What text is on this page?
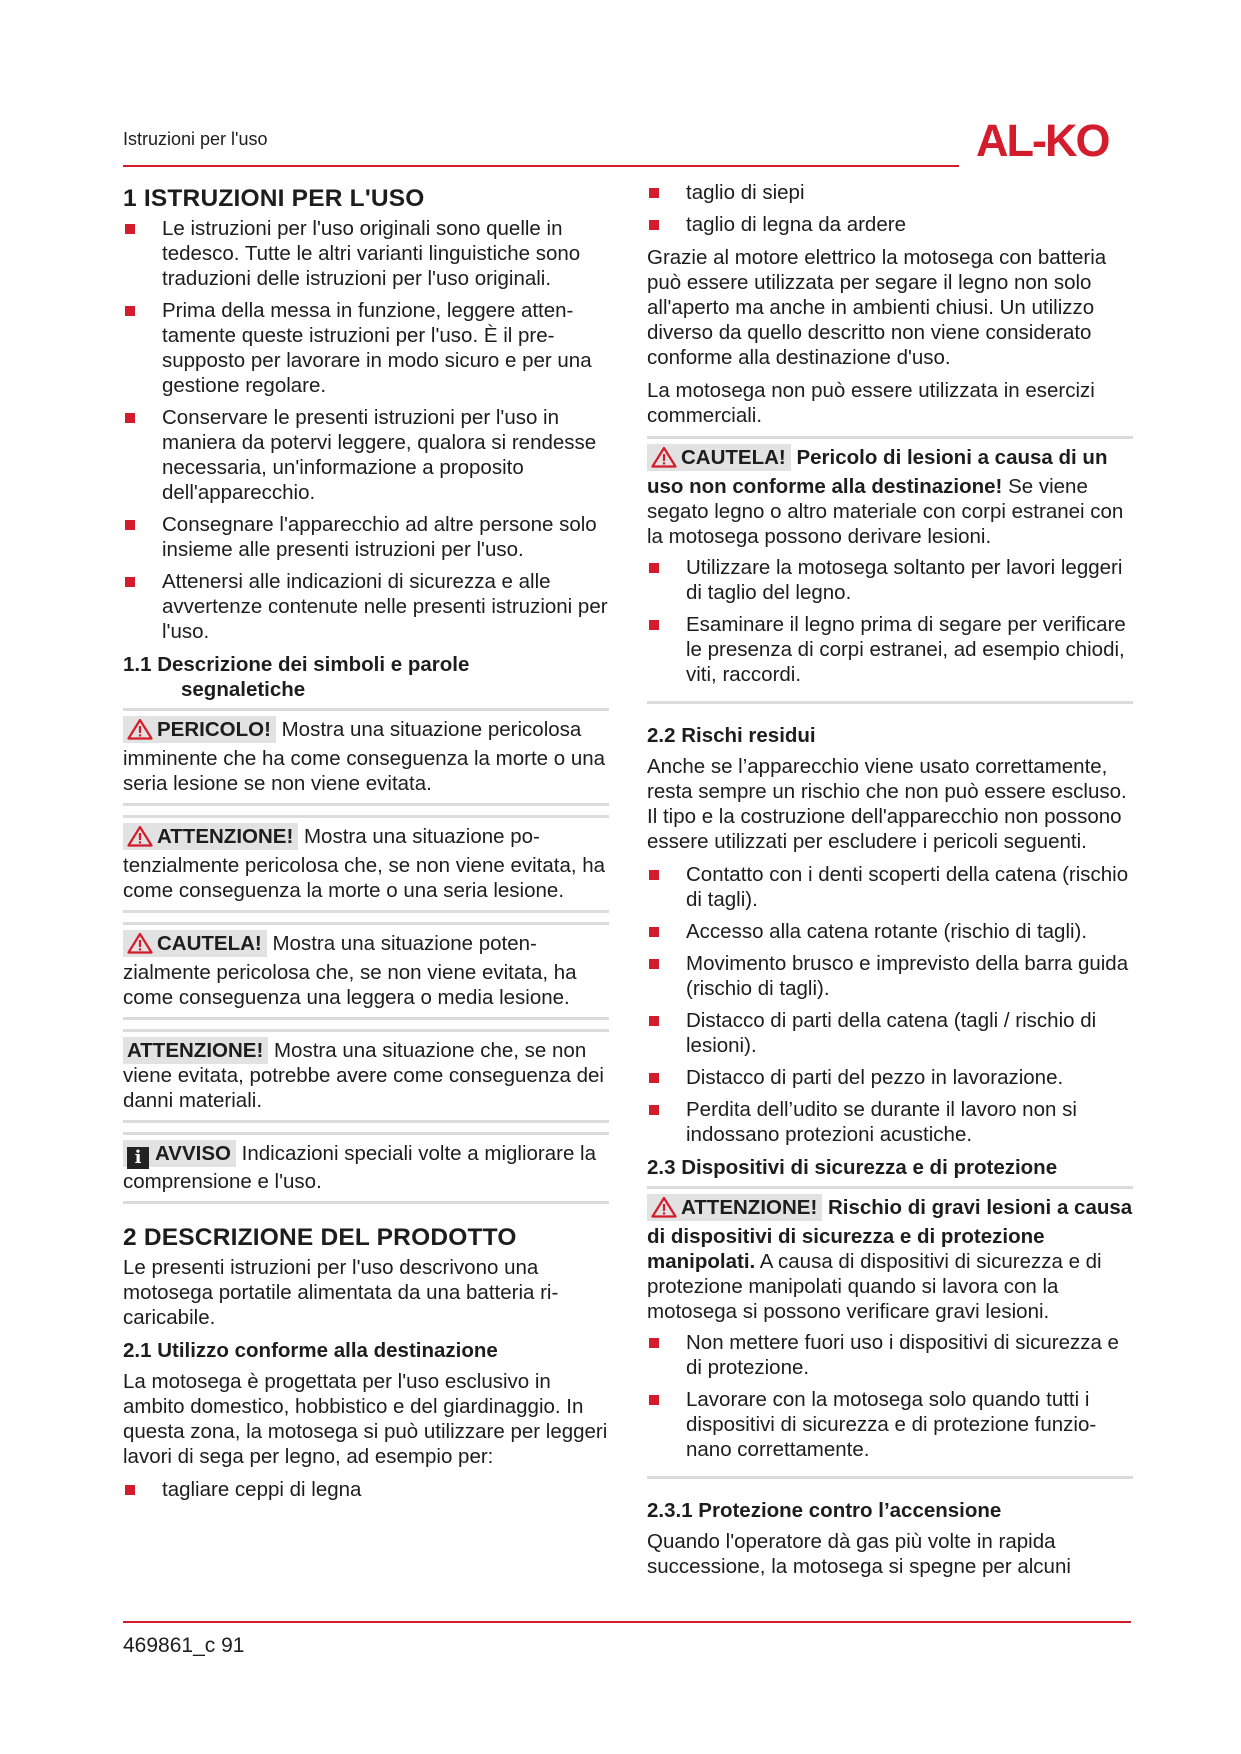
Istruzioni per l'uso	AL-KO
1 ISTRUZIONI PER L'USO
Le istruzioni per l'uso originali sono quelle in tedesco. Tutte le altri varianti linguistiche sono traduzioni delle istruzioni per l'uso originali.
Prima della messa in funzione, leggere attentamente queste istruzioni per l'uso. È il presupposto per lavorare in modo sicuro e per una gestione regolare.
Conservare le presenti istruzioni per l'uso in maniera da potervi leggere, qualora si rendesse necessaria, un'informazione a proposito dell'apparecchio.
Consegnare l'apparecchio ad altre persone solo insieme alle presenti istruzioni per l'uso.
Attenersi alle indicazioni di sicurezza e alle avvertenze contenute nelle presenti istruzioni per l'uso.
1.1 Descrizione dei simboli e parole
segnaletiche
PERICOLO! Mostra una situazione pericolosa imminente che ha come conseguenza la morte o una seria lesione se non viene evitata.
ATTENZIONE! Mostra una situazione potenzialmente pericolosa che, se non viene evitata, ha come conseguenza la morte o una seria lesione.
CAUTELA! Mostra una situazione potenzialmente pericolosa che, se non viene evitata, ha come conseguenza una leggera o media lesione.
ATTENZIONE! Mostra una situazione che, se non viene evitata, potrebbe avere come conseguenza dei danni materiali.
i AVVISO Indicazioni speciali volte a migliorare la comprensione e l'uso.
2 DESCRIZIONE DEL PRODOTTO

Le presenti istruzioni per l'uso descrivono una motosega portatile alimentata da una batteria ricaricabile.

2.1 Utilizzo conforme alla destinazione

La motosega è progettata per l'uso esclusivo in ambito domestico, hobbistico e del giardinaggio. In questa zona, la motosega si può utilizzare per leggeri lavori di sega per legno, ad esempio per:

tagliare ceppi di legna
taglio di siepi
taglio di legna da ardere

Grazie al motore elettrico la motosega con batteria può essere utilizzata per segare il legno non solo all'aperto ma anche in ambienti chiusi. Un utilizzo diverso da quello descritto non viene considerato conforme alla destinazione d'uso.

La motosega non può essere utilizzata in esercizi commerciali.

CAUTELA! Pericolo di lesioni a causa di un uso non conforme alla destinazione! Se viene segato legno o altro materiale con corpi estranei con la motosega possono derivare lesioni.
Utilizzare la motosega soltanto per lavori leggeri di taglio del legno.
Esaminare il legno prima di segare per verificare le presenza di corpi estranei, ad esempio chiodi, viti, raccordi.
2.2 Rischi residui

Anche se l’apparecchio viene usato correttamente, resta sempre un rischio che non può essere escluso. Il tipo e la costruzione dell'apparecchio non possono essere utilizzati per escludere i pericoli seguenti.

Contatto con i denti scoperti della catena (rischio di tagli).
Accesso alla catena rotante (rischio di tagli).
Movimento brusco e imprevisto della barra guida (rischio di tagli).
Distacco di parti della catena (tagli / rischio di lesioni).
Distacco di parti del pezzo in lavorazione.
Perdita dell’udito se durante il lavoro non si indossano protezioni acustiche.
2.3 Dispositivi di sicurezza e di protezione
ATTENZIONE! Rischio di gravi lesioni a causa di dispositivi di sicurezza e di protezione manipolati. A causa di dispositivi di sicurezza e di protezione manipolati quando si lavora con la motosega si possono verificare gravi lesioni.
Non mettere fuori uso i dispositivi di sicurezza e di protezione.
Lavorare con la motosega solo quando tutti i dispositivi di sicurezza e di protezione funzionano correttamente.
2.3.1 Protezione contro l’accensione

Quando l'operatore dà gas più volte in rapida successione, la motosega si spegne per alcuni

469861_c 91
